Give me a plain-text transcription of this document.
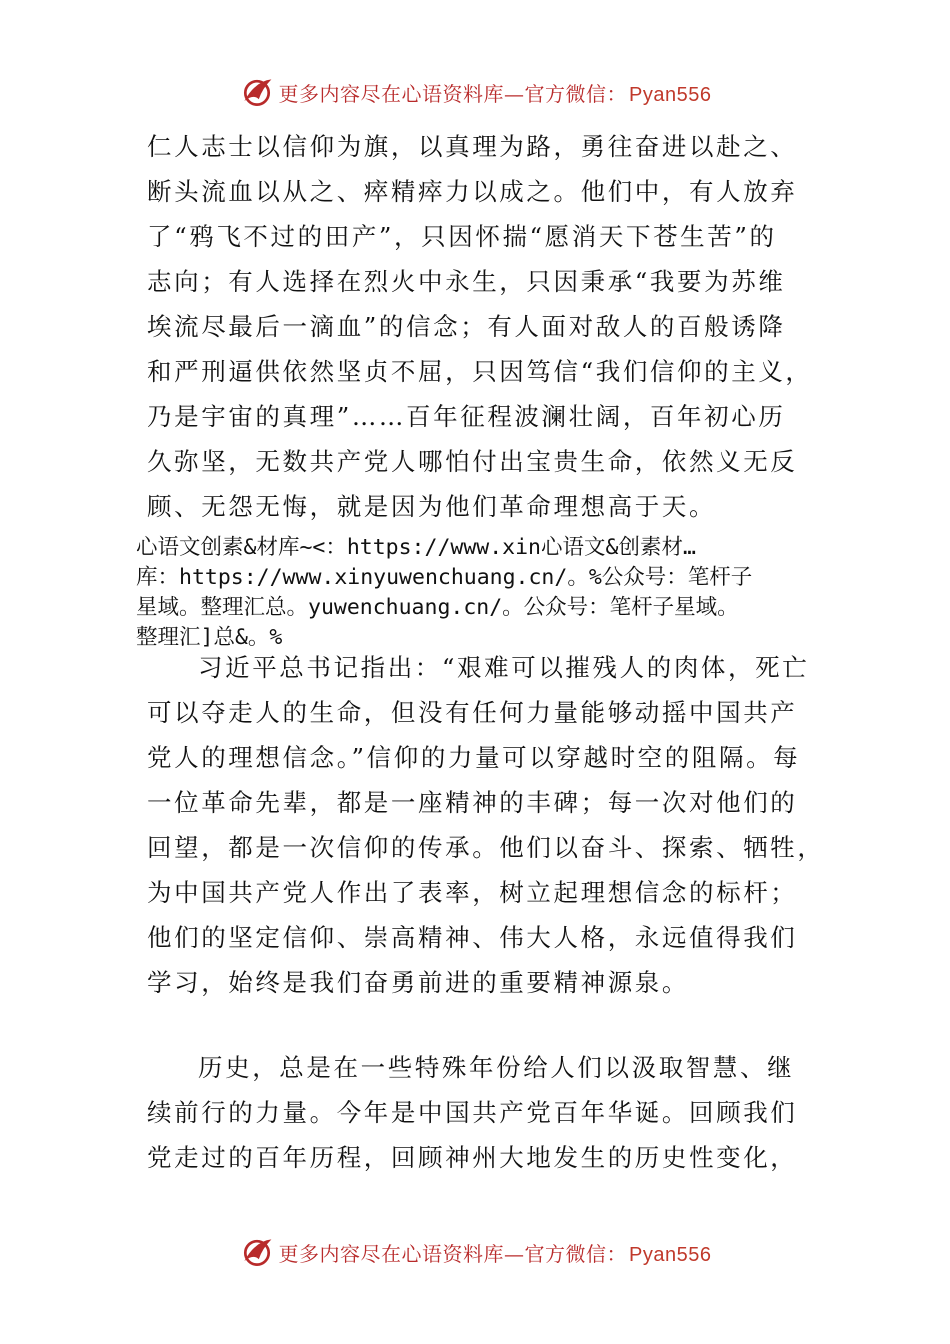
更多内容尽在心语资料库—官方微信： Pyan556
仁人志士以信仰为旗，以真理为路，勇往奋进以赴之、
断头流血以从之、瘁精瘁力以成之。他们中，有人放弃
了“鸦飞不过的田产”，只因怀揣“愿消天下苍生苦”的
志向；有人选择在烈火中永生，只因秉承“我要为苏维
埃流尽最后一滴血”的信念；有人面对敌人的百般诱降
和严刑逼供依然坚贞不屈，只因笃信“我们信仰的主义，
乃是宇宙的真理”……百年征程波澜壮阔，百年初心历
久弥坚，无数共产党人哪怕付出宝贵生命，依然义无反
顾、无怨无悔，就是因为他们革命理想高于天。
心语文创素&材库~<：https://www.xin心语文&创素材…
库：https://www.xinyuwenchuang.cn/。%公众号：笔杆子
星域。整理汇总。yuwenchuang.cn/。公众号：笔杆子星域。
整理汇]总&。%
习近平总书记指出：“艰难可以摧残人的肉体，死亡
可以夺走人的生命，但没有任何力量能够动摇中国共产
党人的理想信念。”信仰的力量可以穿越时空的阻隔。每
一位革命先辈，都是一座精神的丰碑；每一次对他们的
回望，都是一次信仰的传承。他们以奋斗、探索、牺牲，
为中国共产党人作出了表率，树立起理想信念的标杆；
他们的坚定信仰、崇高精神、伟大人格，永远值得我们
学习，始终是我们奋勇前进的重要精神源泉。
历史，总是在一些特殊年份给人们以汲取智慧、继
续前行的力量。今年是中国共产党百年华诞。回顾我们
党走过的百年历程，回顾神州大地发生的历史性变化，
更多内容尽在心语资料库—官方微信： Pyan556
